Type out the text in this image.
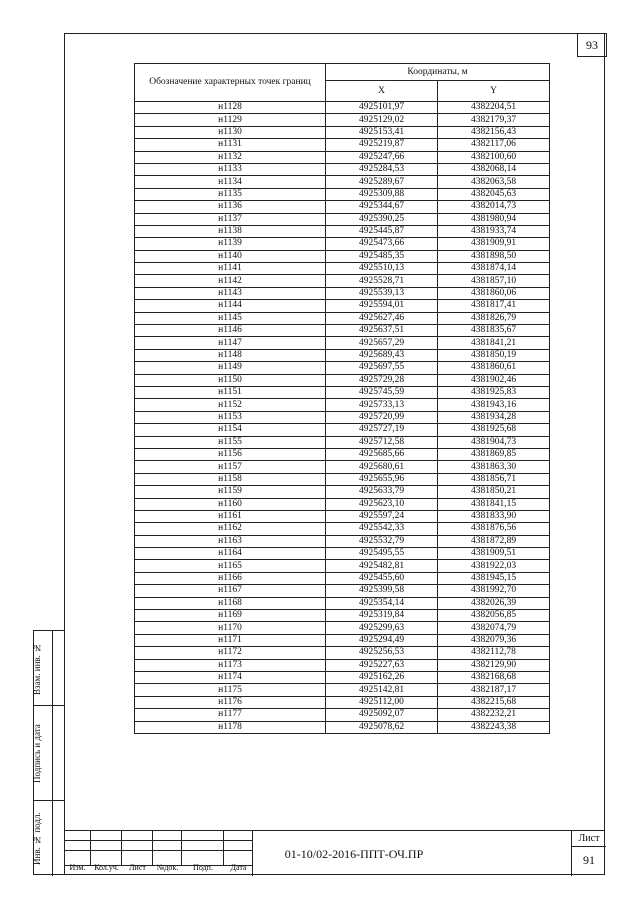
93
Взам. инв. №
Подпись и дата
Инв. № подл.
Обозначение характерных точек границ	Координаты, м	
	X	Y
н1128	4925101,97	4382204,51
н1129	4925129,02	4382179,37
н1130	4925153,41	4382156,43
н1131	4925219,87	4382117,06
н1132	4925247,66	4382100,60
н1133	4925284,53	4382068,14
н1134	4925289,67	4382063,58
н1135	4925309,88	4382045,63
н1136	4925344,67	4382014,73
н1137	4925390,25	4381980,94
н1138	4925445,87	4381933,74
н1139	4925473,66	4381909,91
н1140	4925485,35	4381898,50
н1141	4925510,13	4381874,14
н1142	4925528,71	4381857,10
н1143	4925539,13	4381860,06
н1144	4925594,01	4381817,41
н1145	4925627,46	4381826,79
н1146	4925637,51	4381835,67
н1147	4925657,29	4381841,21
н1148	4925689,43	4381850,19
н1149	4925697,55	4381860,61
н1150	4925729,28	4381902,46
н1151	4925745,59	4381925,83
н1152	4925733,13	4381943,16
н1153	4925720,99	4381934,28
н1154	4925727,19	4381925,68
н1155	4925712,58	4381904,73
н1156	4925685,66	4381869,85
н1157	4925680,61	4381863,30
н1158	4925655,96	4381856,71
н1159	4925633,79	4381850,21
н1160	4925623,10	4381841,15
н1161	4925597,24	4381833,90
н1162	4925542,33	4381876,56
н1163	4925532,79	4381872,89
н1164	4925495,55	4381909,51
н1165	4925482,81	4381922,03
н1166	4925455,60	4381945,15
н1167	4925399,58	4381992,70
н1168	4925354,14	4382026,39
н1169	4925319,84	4382056,85
н1170	4925299,63	4382074,79
н1171	4925294,49	4382079,36
н1172	4925256,53	4382112,78
н1173	4925227,63	4382129,90
н1174	4925162,26	4382168,68
н1175	4925142,81	4382187,17
н1176	4925112,00	4382215,68
н1177	4925092,07	4382232,21
н1178	4925078,62	4382243,38
Изм.	Кол.уч.	Лист	№док.	Подп.	Дата
01-10/02-2016-ППТ-ОЧ.ПР
Лист
91
